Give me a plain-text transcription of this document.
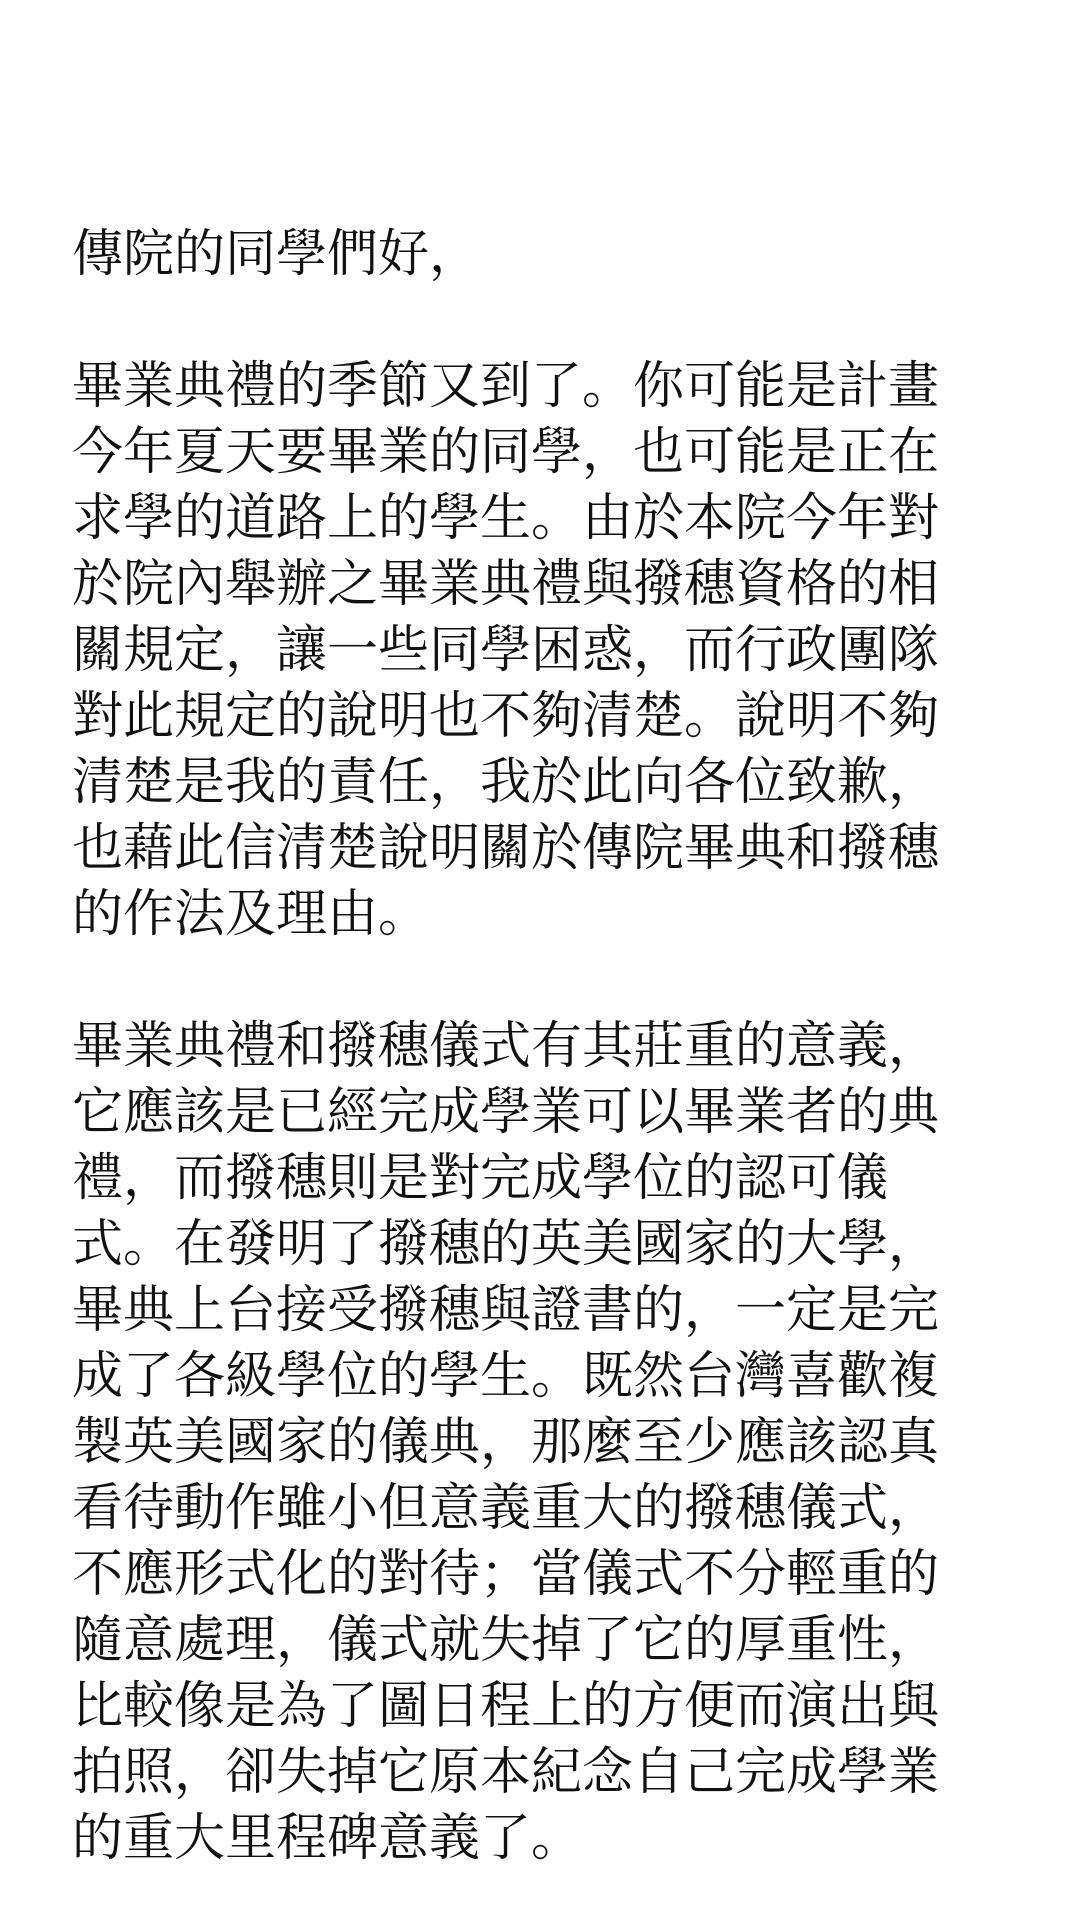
傳院的同學們好，

畢業典禮的季節又到了。你可能是計畫
今年夏天要畢業的同學，也可能是正在
求學的道路上的學生。由於本院今年對
於院內舉辦之畢業典禮與撥穗資格的相
關規定，讓一些同學困惑，而行政團隊
對此規定的說明也不夠清楚。說明不夠
清楚是我的責任，我於此向各位致歉，
也藉此信清楚說明關於傳院畢典和撥穗
的作法及理由。
畢業典禮和撥穗儀式有其莊重的意義，
它應該是已經完成學業可以畢業者的典
禮，而撥穗則是對完成學位的認可儀
式。在發明了撥穗的英美國家的大學，
畢典上台接受撥穗與證書的，一定是完
成了各級學位的學生。既然台灣喜歡複
製英美國家的儀典，那麼至少應該認真
看待動作雖小但意義重大的撥穗儀式，
不應形式化的對待；當儀式不分輕重的
隨意處理，儀式就失掉了它的厚重性，
比較像是為了圖日程上的方便而演出與
拍照，卻失掉它原本紀念自己完成學業
的重大里程碑意義了。
